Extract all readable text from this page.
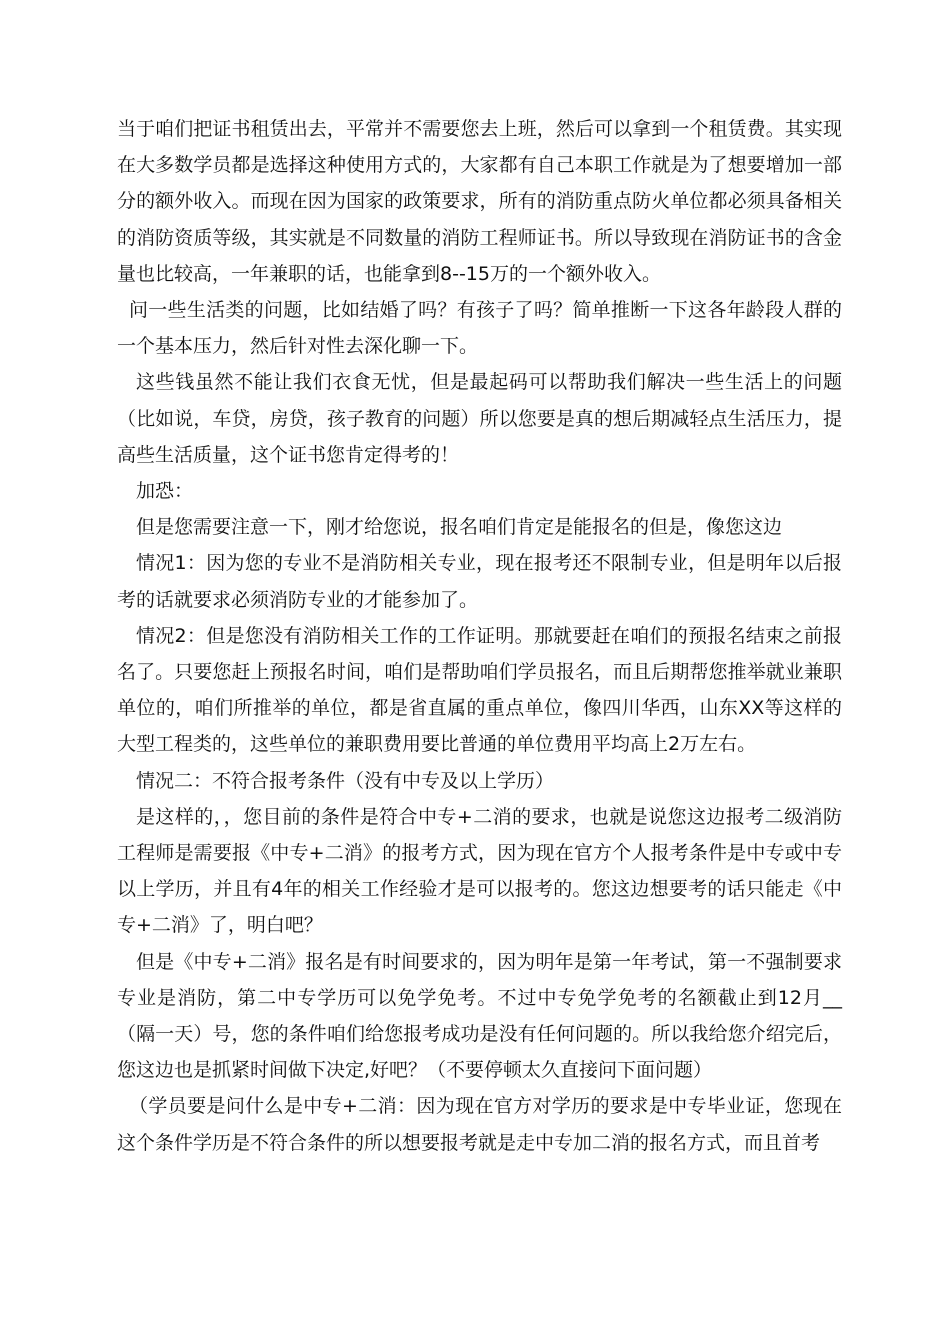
当于咱们把证书租赁出去，平常并不需要您去上班，然后可以拿到一个租赁费。其实现在大多数学员都是选择这种使用方式的，大家都有自己本职工作就是为了想要增加一部分的额外收入。而现在因为国家的政策要求，所有的消防重点防火单位都必须具备相关的消防资质等级，其实就是不同数量的消防工程师证书。所以导致现在消防证书的含金量也比较高，一年兼职的话，也能拿到8--15万的一个额外收入。

问一些生活类的问题，比如结婚了吗？有孩子了吗？简单推断一下这各年龄段人群的一个基本压力，然后针对性去深化聊一下。

这些钱虽然不能让我们衣食无忧，但是最起码可以帮助我们解决一些生活上的问题（比如说，车贷，房贷，孩子教育的问题）所以您要是真的想后期减轻点生活压力，提高些生活质量，这个证书您肯定得考的！

加恐：

但是您需要注意一下，刚才给您说，报名咱们肯定是能报名的但是，像您这边

情况1：因为您的专业不是消防相关专业，现在报考还不限制专业，但是明年以后报考的话就要求必须消防专业的才能参加了。

情况2：但是您没有消防相关工作的工作证明。那就要赶在咱们的预报名结束之前报名了。只要您赶上预报名时间，咱们是帮助咱们学员报名，而且后期帮您推举就业兼职单位的，咱们所推举的单位，都是省直属的重点单位，像四川华西，山东XX等这样的大型工程类的，这些单位的兼职费用要比普通的单位费用平均高上2万左右。

情况二：不符合报考条件（没有中专及以上学历）

是这样的，，您目前的条件是符合中专+二消的要求，也就是说您这边报考二级消防工程师是需要报《中专+二消》的报考方式，因为现在官方个人报考条件是中专或中专以上学历，并且有4年的相关工作经验才是可以报考的。您这边想要考的话只能走《中专+二消》了，明白吧？

但是《中专+二消》报名是有时间要求的，因为明年是第一年考试，第一不强制要求专业是消防，第二中专学历可以免学免考。不过中专免学免考的名额截止到12月__（隔一天）号，您的条件咱们给您报考成功是没有任何问题的。所以我给您介绍完后，您这边也是抓紧时间做下决定,好吧？（不要停顿太久直接问下面问题）

（学员要是问什么是中专+二消：因为现在官方对学历的要求是中专毕业证，您现在这个条件学历是不符合条件的所以想要报考就是走中专加二消的报名方式，而且首考
